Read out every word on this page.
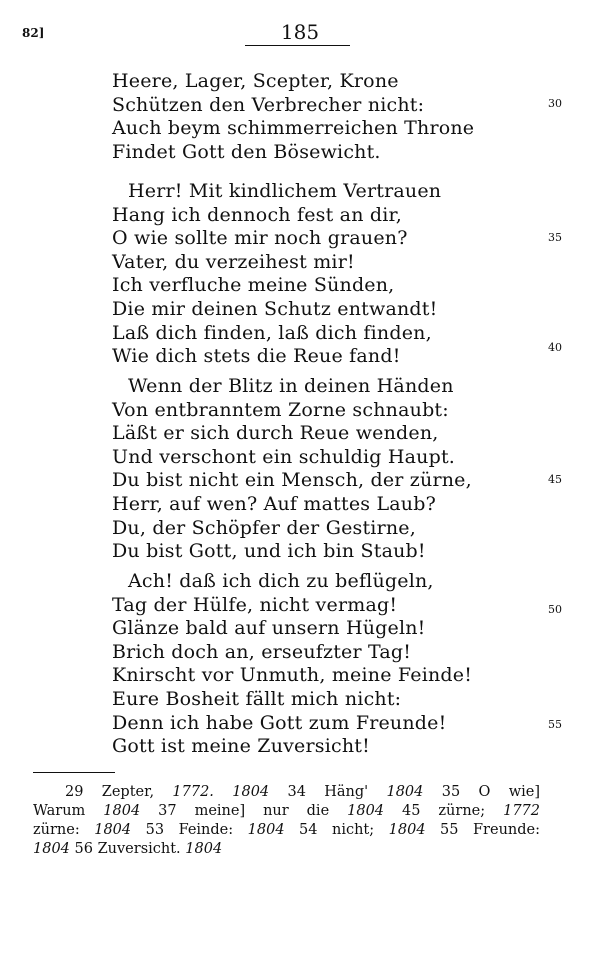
82]	185
Heere, Lager, Scepter, Krone
Schützen den Verbrecher nicht:
Auch beym schimmerreichen Throne
Findet Gott den Bösewicht.
Herr! Mit kindlichem Vertrauen
Hang ich dennoch fest an dir,
O wie sollte mir noch grauen?
Vater, du verzeihest mir!
Ich verfluche meine Sünden,
Die mir deinen Schutz entwandt!
Laß dich finden, laß dich finden,
Wie dich stets die Reue fand!
Wenn der Blitz in deinen Händen
Von entbranntem Zorne schnaubt:
Läßt er sich durch Reue wenden,
Und verschont ein schuldig Haupt.
Du bist nicht ein Mensch, der zürne,
Herr, auf wen? Auf mattes Laub?
Du, der Schöpfer der Gestirne,
Du bist Gott, und ich bin Staub!
Ach! daß ich dich zu beflügeln,
Tag der Hülfe, nicht vermag!
Glänze bald auf unsern Hügeln!
Brich doch an, erseufzter Tag!
Knirscht vor Unmuth, meine Feinde!
Eure Bosheit fällt mich nicht:
Denn ich habe Gott zum Freunde!
Gott ist meine Zuversicht!
30
35
40
45
50
55
29 Zepter, 1772. 1804 34 Häng' 1804 35 O wie]
Warum 1804 37 meine] nur die 1804 45 zürne; 1772
zürne: 1804 53 Feinde: 1804 54 nicht; 1804 55 Freunde:
1804 56 Zuversicht. 1804
